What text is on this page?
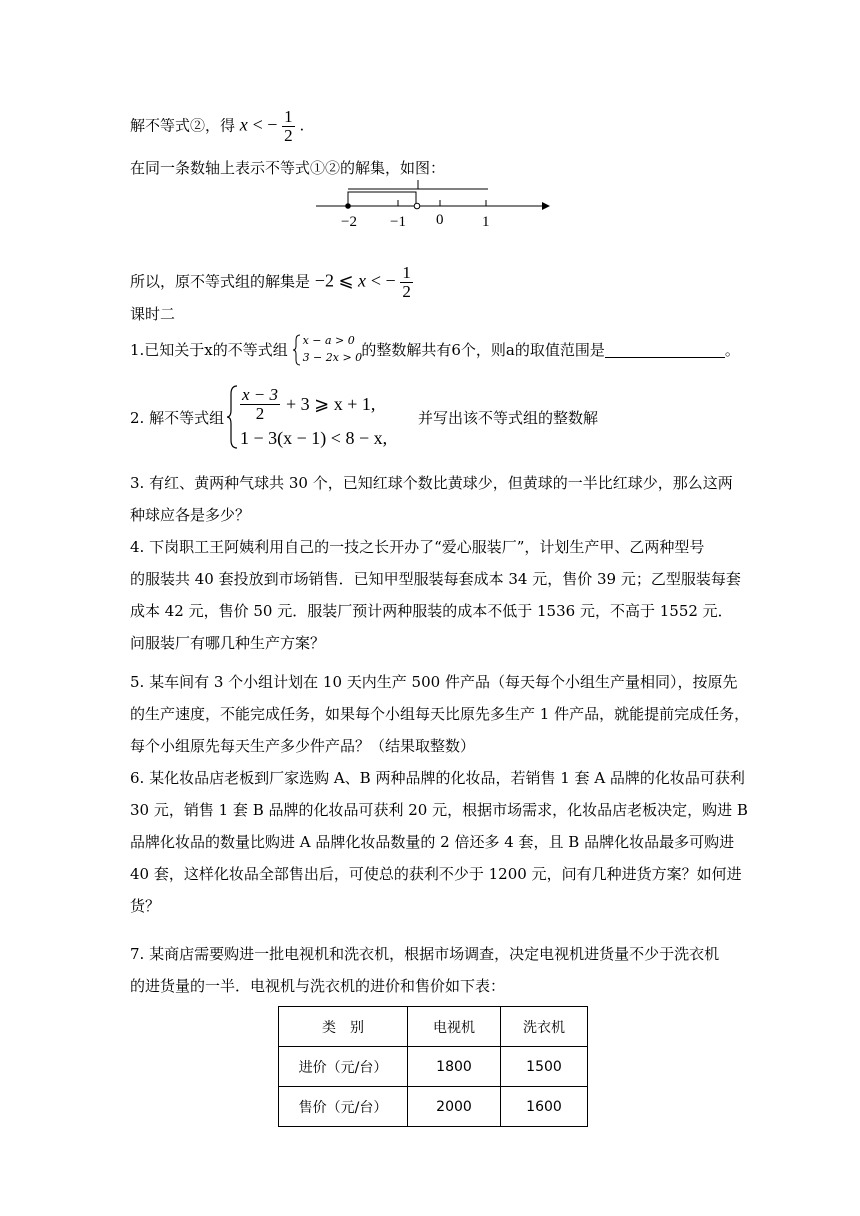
解不等式②，得 x < − $\frac{1}{2}$ .
在同一条数轴上表示不等式①②的解集，如图：
−2 −1 0	1
所以，原不等式组的解集是 −2 ⩽ x < − $\frac{1}{2}$
课时二
1.已知关于x的不等式组
x − a > 0
3 − 2x > 0 的整数解共有6个，则a的取值范围是	。
2. 解不等式组 $\frac{x - 3}{2} + 3$ ⩾ x + 1,
1 − 3(x − 1) < 8 − x,
并写出该不等式组的整数解
3. 有红、黄两种气球共 30 个，已知红球个数比黄球少，但黄球的一半比红球少，那么这两
种球应各是多少？
4. 下岗职工王阿姨利用自己的一技之长开办了“爱心服装厂”，计划生产甲、乙两种型号
的服装共 40 套投放到市场销售．已知甲型服装每套成本 34 元，售价 39 元；乙型服装每套
成本 42 元，售价 50 元．服装厂预计两种服装的成本不低于 1536 元，不高于 1552 元．
问服装厂有哪几种生产方案？
5. 某车间有 3 个小组计划在 10 天内生产 500 件产品（每天每个小组生产量相同），按原先
的生产速度，不能完成任务，如果每个小组每天比原先多生产 1 件产品，就能提前完成任务，
每个小组原先每天生产多少件产品？（结果取整数）
6. 某化妆品店老板到厂家选购 A、B 两种品牌的化妆品，若销售 1 套 A 品牌的化妆品可获利
30 元，销售 1 套 B 品牌的化妆品可获利 20 元，根据市场需求，化妆品店老板决定，购进 B
品牌化妆品的数量比购进 A 品牌化妆品数量的 2 倍还多 4 套，且 B 品牌化妆品最多可购进
40 套，这样化妆品全部售出后，可使总的获利不少于 1200 元，问有几种进货方案？如何进
货？
7. 某商店需要购进一批电视机和洗衣机，根据市场调查，决定电视机进货量不少于洗衣机
的进货量的一半．电视机与洗衣机的进价和售价如下表：
类　别	电视机	洗衣机
进价（元/台）	1800	1500
售价（元/台）	2000	1600
